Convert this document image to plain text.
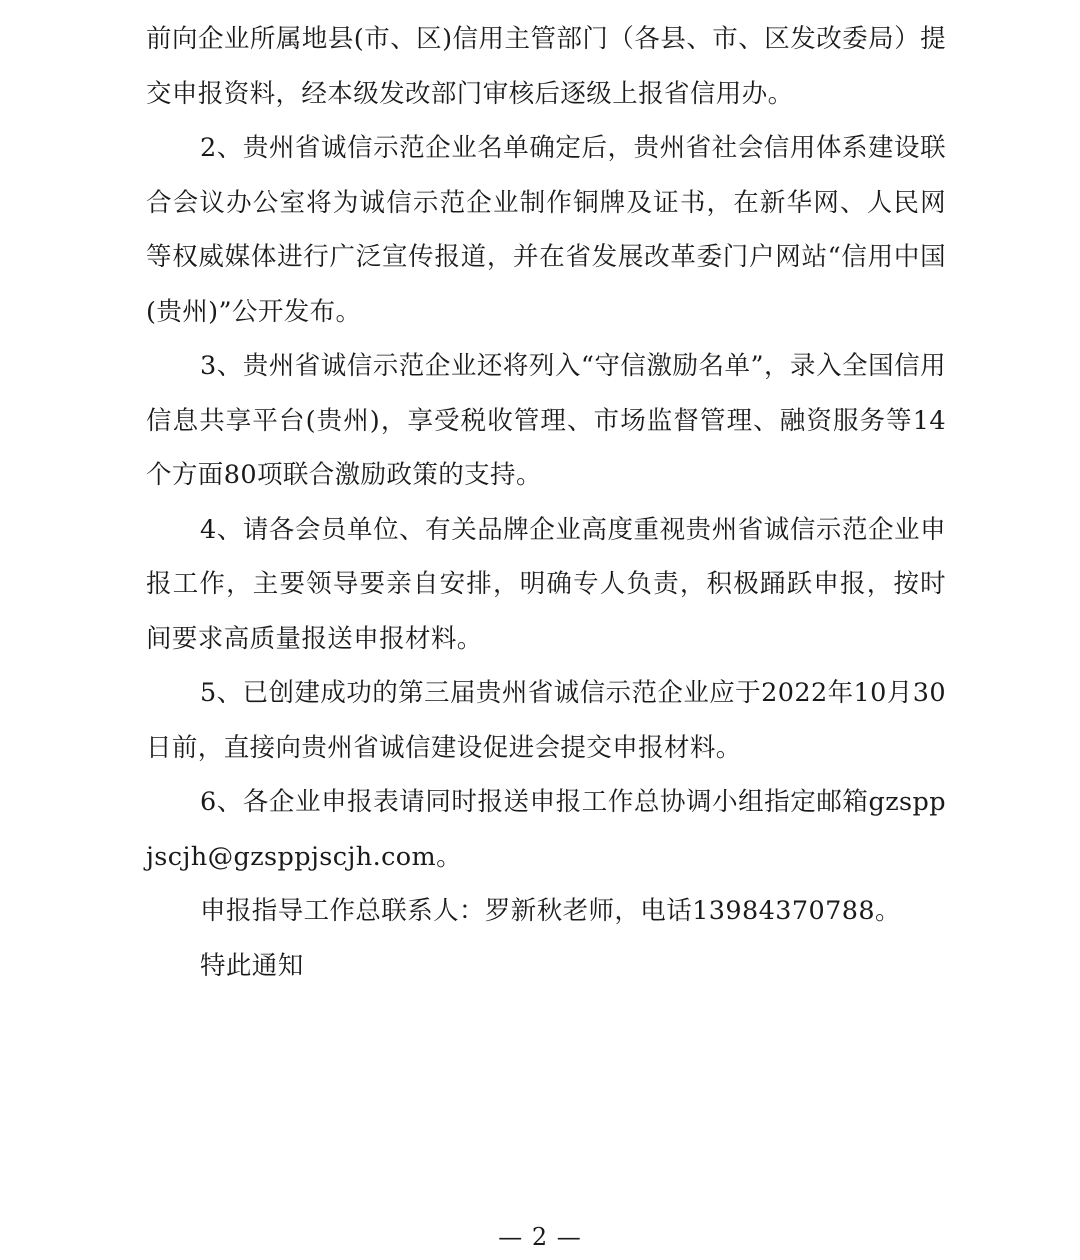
前向企业所属地县(市、区)信用主管部门（各县、市、区发改委局）提交申报资料，经本级发改部门审核后逐级上报省信用办。

2、贵州省诚信示范企业名单确定后，贵州省社会信用体系建设联合会议办公室将为诚信示范企业制作铜牌及证书，在新华网、人民网等权威媒体进行广泛宣传报道，并在省发展改革委门户网站“信用中国(贵州)”公开发布。

3、贵州省诚信示范企业还将列入“守信激励名单”，录入全国信用信息共享平台(贵州)，享受税收管理、市场监督管理、融资服务等14个方面80项联合激励政策的支持。

4、请各会员单位、有关品牌企业高度重视贵州省诚信示范企业申报工作，主要领导要亲自安排，明确专人负责，积极踊跃申报，按时间要求高质量报送申报材料。

5、已创建成功的第三届贵州省诚信示范企业应于2022年10月30日前，直接向贵州省诚信建设促进会提交申报材料。

6、各企业申报表请同时报送申报工作总协调小组指定邮箱gzsppjscjh@gzsppjscjh.com。

申报指导工作总联系人：罗新秋老师，电话13984370788。

特此通知

— 2 —
